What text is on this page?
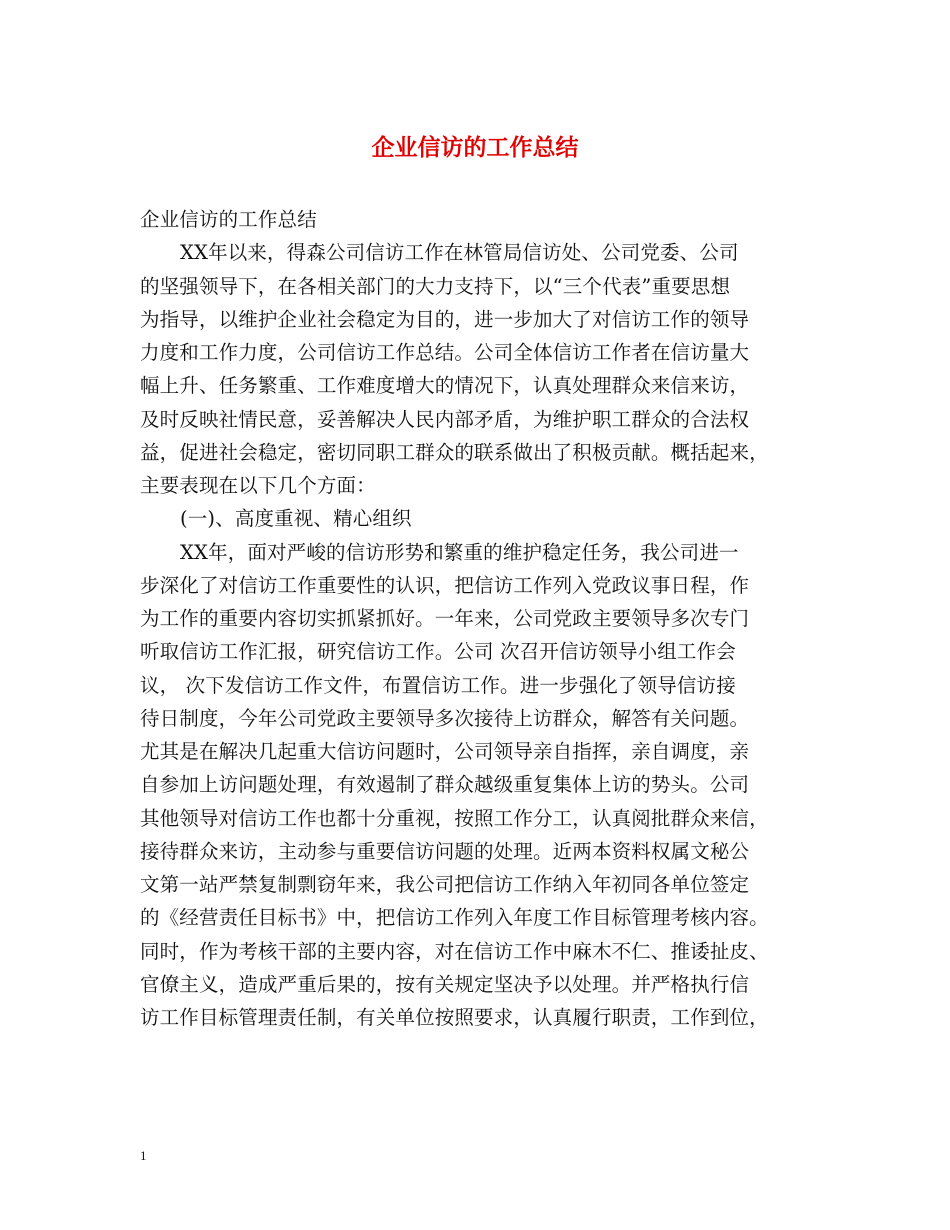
企业信访的工作总结
企业信访的工作总结
XX年以来，得森公司信访工作在林管局信访处、公司党委、公司
的坚强领导下，在各相关部门的大力支持下，以“三个代表”重要思想
为指导，以维护企业社会稳定为目的，进一步加大了对信访工作的领导
力度和工作力度，公司信访工作总结。公司全体信访工作者在信访量大
幅上升、任务繁重、工作难度增大的情况下，认真处理群众来信来访，
及时反映社情民意，妥善解决人民内部矛盾，为维护职工群众的合法权
益，促进社会稳定，密切同职工群众的联系做出了积极贡献。概括起来，
主要表现在以下几个方面：
(一)、高度重视、精心组织
XX年，面对严峻的信访形势和繁重的维护稳定任务，我公司进一
步深化了对信访工作重要性的认识，把信访工作列入党政议事日程，作
为工作的重要内容切实抓紧抓好。一年来，公司党政主要领导多次专门
听取信访工作汇报，研究信访工作。公司 次召开信访领导小组工作会
议， 次下发信访工作文件，布置信访工作。进一步强化了领导信访接
待日制度，今年公司党政主要领导多次接待上访群众，解答有关问题。
尤其是在解决几起重大信访问题时，公司领导亲自指挥，亲自调度，亲
自参加上访问题处理，有效遏制了群众越级重复集体上访的势头。公司
其他领导对信访工作也都十分重视，按照工作分工，认真阅批群众来信，
接待群众来访，主动参与重要信访问题的处理。近两本资料权属文秘公
文第一站严禁复制剽窃年来，我公司把信访工作纳入年初同各单位签定
的《经营责任目标书》中，把信访工作列入年度工作目标管理考核内容。
同时，作为考核干部的主要内容，对在信访工作中麻木不仁、推诿扯皮、
官僚主义，造成严重后果的，按有关规定坚决予以处理。并严格执行信
访工作目标管理责任制，有关单位按照要求，认真履行职责，工作到位，
1
